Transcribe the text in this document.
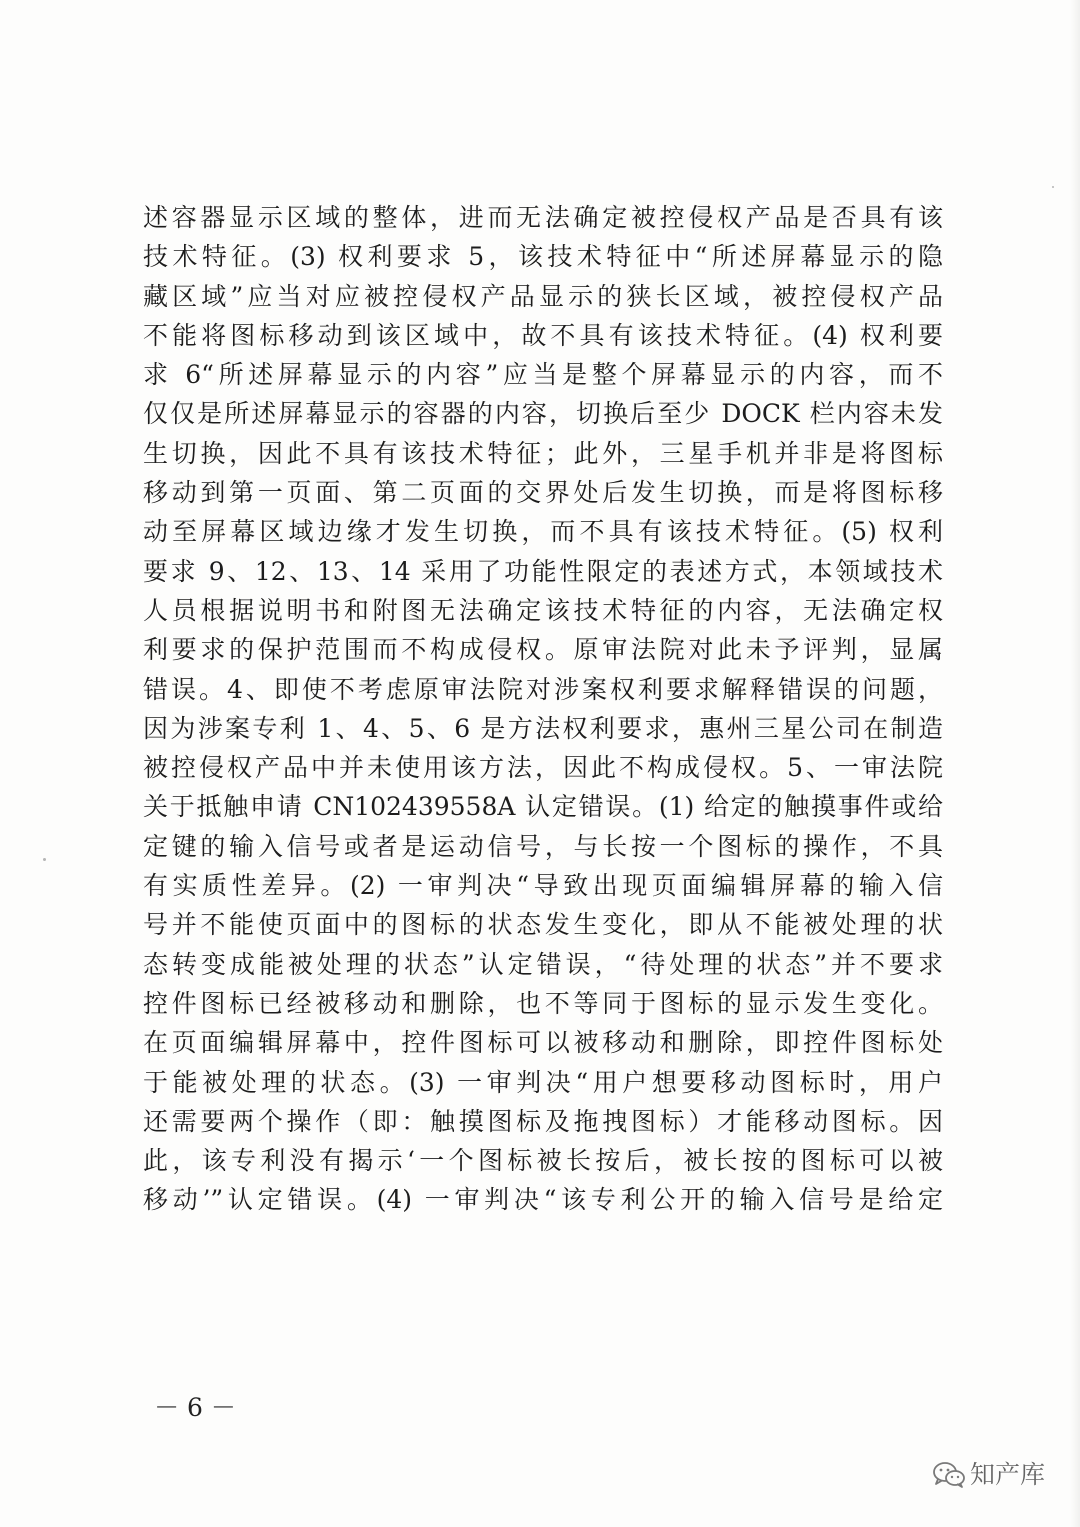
述容器显示区域的整体，进而无法确定被控侵权产品是否具有该
技术特征。(3) 权利要求 5，该技术特征中“所述屏幕显示的隐
藏区域”应当对应被控侵权产品显示的狭长区域，被控侵权产品
不能将图标移动到该区域中，故不具有该技术特征。(4) 权利要
求 6“所述屏幕显示的内容”应当是整个屏幕显示的内容，而不
仅仅是所述屏幕显示的容器的内容，切换后至少 DOCK 栏内容未发
生切换，因此不具有该技术特征；此外，三星手机并非是将图标
移动到第一页面、第二页面的交界处后发生切换，而是将图标移
动至屏幕区域边缘才发生切换，而不具有该技术特征。(5) 权利
要求 9、12、13、14 采用了功能性限定的表述方式，本领域技术
人员根据说明书和附图无法确定该技术特征的内容，无法确定权
利要求的保护范围而不构成侵权。原审法院对此未予评判，显属
错误。4、即使不考虑原审法院对涉案权利要求解释错误的问题，
因为涉案专利 1、4、5、6 是方法权利要求，惠州三星公司在制造
被控侵权产品中并未使用该方法，因此不构成侵权。5、一审法院
关于抵触申请 CN102439558A 认定错误。(1) 给定的触摸事件或给
定键的输入信号或者是运动信号，与长按一个图标的操作，不具
有实质性差异。(2) 一审判决“导致出现页面编辑屏幕的输入信
号并不能使页面中的图标的状态发生变化，即从不能被处理的状
态转变成能被处理的状态”认定错误，“待处理的状态”并不要求
控件图标已经被移动和删除，也不等同于图标的显示发生变化。
在页面编辑屏幕中，控件图标可以被移动和删除，即控件图标处
于能被处理的状态。(3) 一审判决“用户想要移动图标时，用户
还需要两个操作（即：触摸图标及拖拽图标）才能移动图标。因
此，该专利没有揭示‘一个图标被长按后，被长按的图标可以被
移动’”认定错误。(4) 一审判决“该专利公开的输入信号是给定
－ 6 －
知产库
